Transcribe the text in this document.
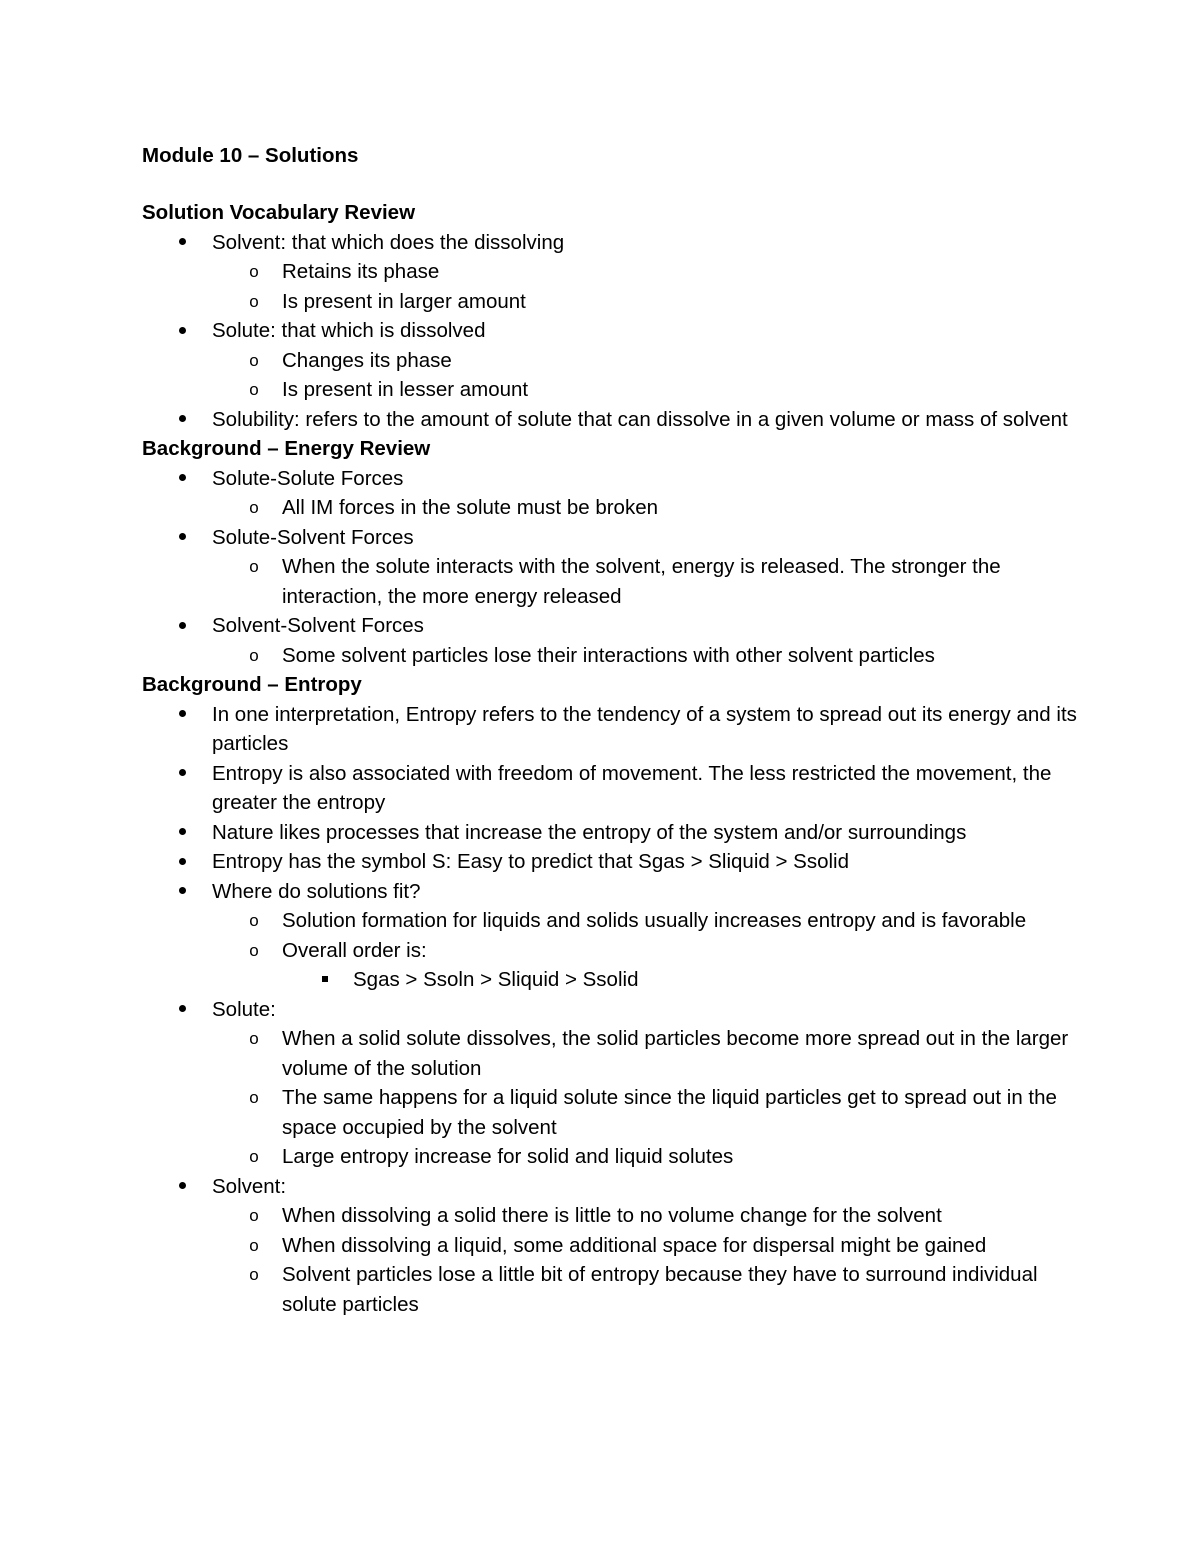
Module 10 – Solutions
Solution Vocabulary Review
Solvent: that which does the dissolving
o Retains its phase
o Is present in larger amount
Solute: that which is dissolved
o Changes its phase
o Is present in lesser amount
Solubility: refers to the amount of solute that can dissolve in a given volume or mass of solvent
Background – Energy Review
Solute-Solute Forces
o All IM forces in the solute must be broken
Solute-Solvent Forces
o When the solute interacts with the solvent, energy is released. The stronger the interaction, the more energy released
Solvent-Solvent Forces
o Some solvent particles lose their interactions with other solvent particles
Background – Entropy
In one interpretation, Entropy refers to the tendency of a system to spread out its energy and its particles
Entropy is also associated with freedom of movement. The less restricted the movement, the greater the entropy
Nature likes processes that increase the entropy of the system and/or surroundings
Entropy has the symbol S: Easy to predict that Sgas > Sliquid > Ssolid
Where do solutions fit?
o Solution formation for liquids and solids usually increases entropy and is favorable
o Overall order is:
Sgas > Ssoln > Sliquid > Ssolid
Solute:
o When a solid solute dissolves, the solid particles become more spread out in the larger volume of the solution
o The same happens for a liquid solute since the liquid particles get to spread out in the space occupied by the solvent
o Large entropy increase for solid and liquid solutes
Solvent:
o When dissolving a solid there is little to no volume change for the solvent
o When dissolving a liquid, some additional space for dispersal might be gained
o Solvent particles lose a little bit of entropy because they have to surround individual solute particles
